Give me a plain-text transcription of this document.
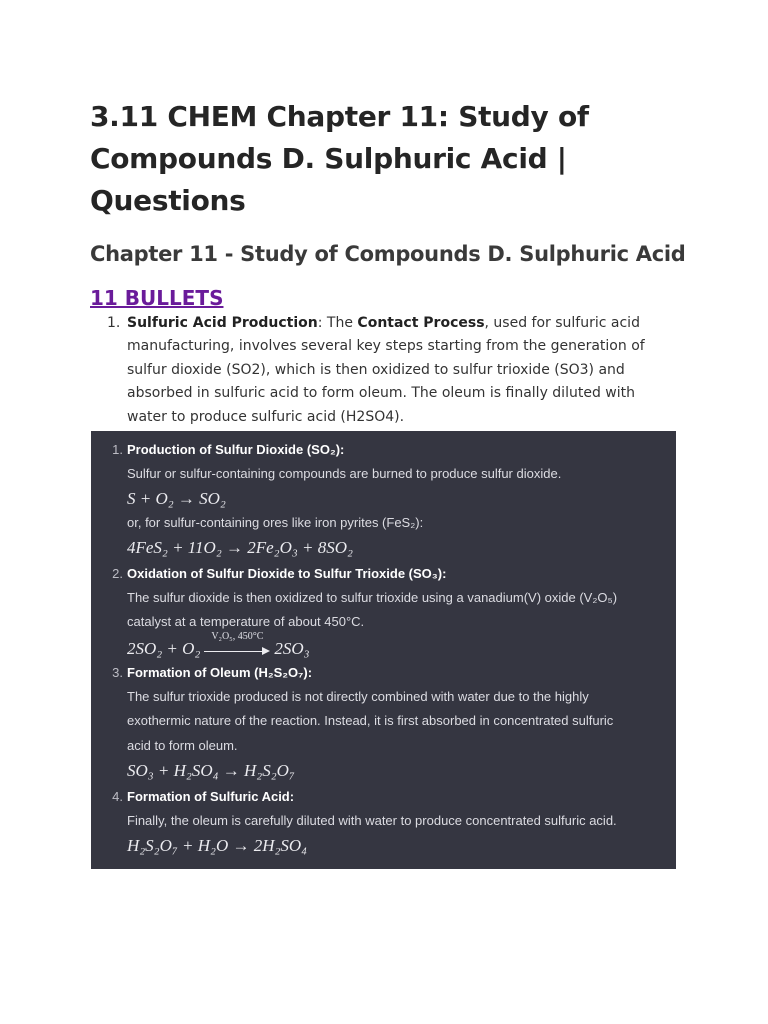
3.11 CHEM Chapter 11: Study of Compounds D. Sulphuric Acid | Questions
Chapter 11 - Study of Compounds D. Sulphuric Acid
11 BULLETS
1. Sulfuric Acid Production: The Contact Process, used for sulfuric acid manufacturing, involves several key steps starting from the generation of sulfur dioxide (SO2), which is then oxidized to sulfur trioxide (SO3) and absorbed in sulfuric acid to form oleum. The oleum is finally diluted with water to produce sulfuric acid (H2SO4).
1. Production of Sulfur Dioxide (SO₂):
Sulfur or sulfur-containing compounds are burned to produce sulfur dioxide.
S + O₂ → SO₂
or, for sulfur-containing ores like iron pyrites (FeS₂):
4FeS₂ + 11O₂ → 2Fe₂O₃ + 8SO₂
2. Oxidation of Sulfur Dioxide to Sulfur Trioxide (SO₃):
The sulfur dioxide is then oxidized to sulfur trioxide using a vanadium(V) oxide (V₂O₅)
catalyst at a temperature of about 450°C.
2SO₂ + O₂
V₂O₅, 450°C
2SO₃
3. Formation of Oleum (H₂S₂O₇):
The sulfur trioxide produced is not directly combined with water due to the highly
exothermic nature of the reaction. Instead, it is first absorbed in concentrated sulfuric
acid to form oleum.
SO₃ + H₂SO₄ → H₂S₂O₇
4. Formation of Sulfuric Acid:
Finally, the oleum is carefully diluted with water to produce concentrated sulfuric acid.
H₂S₂O₇ + H₂O → 2H₂SO₄
